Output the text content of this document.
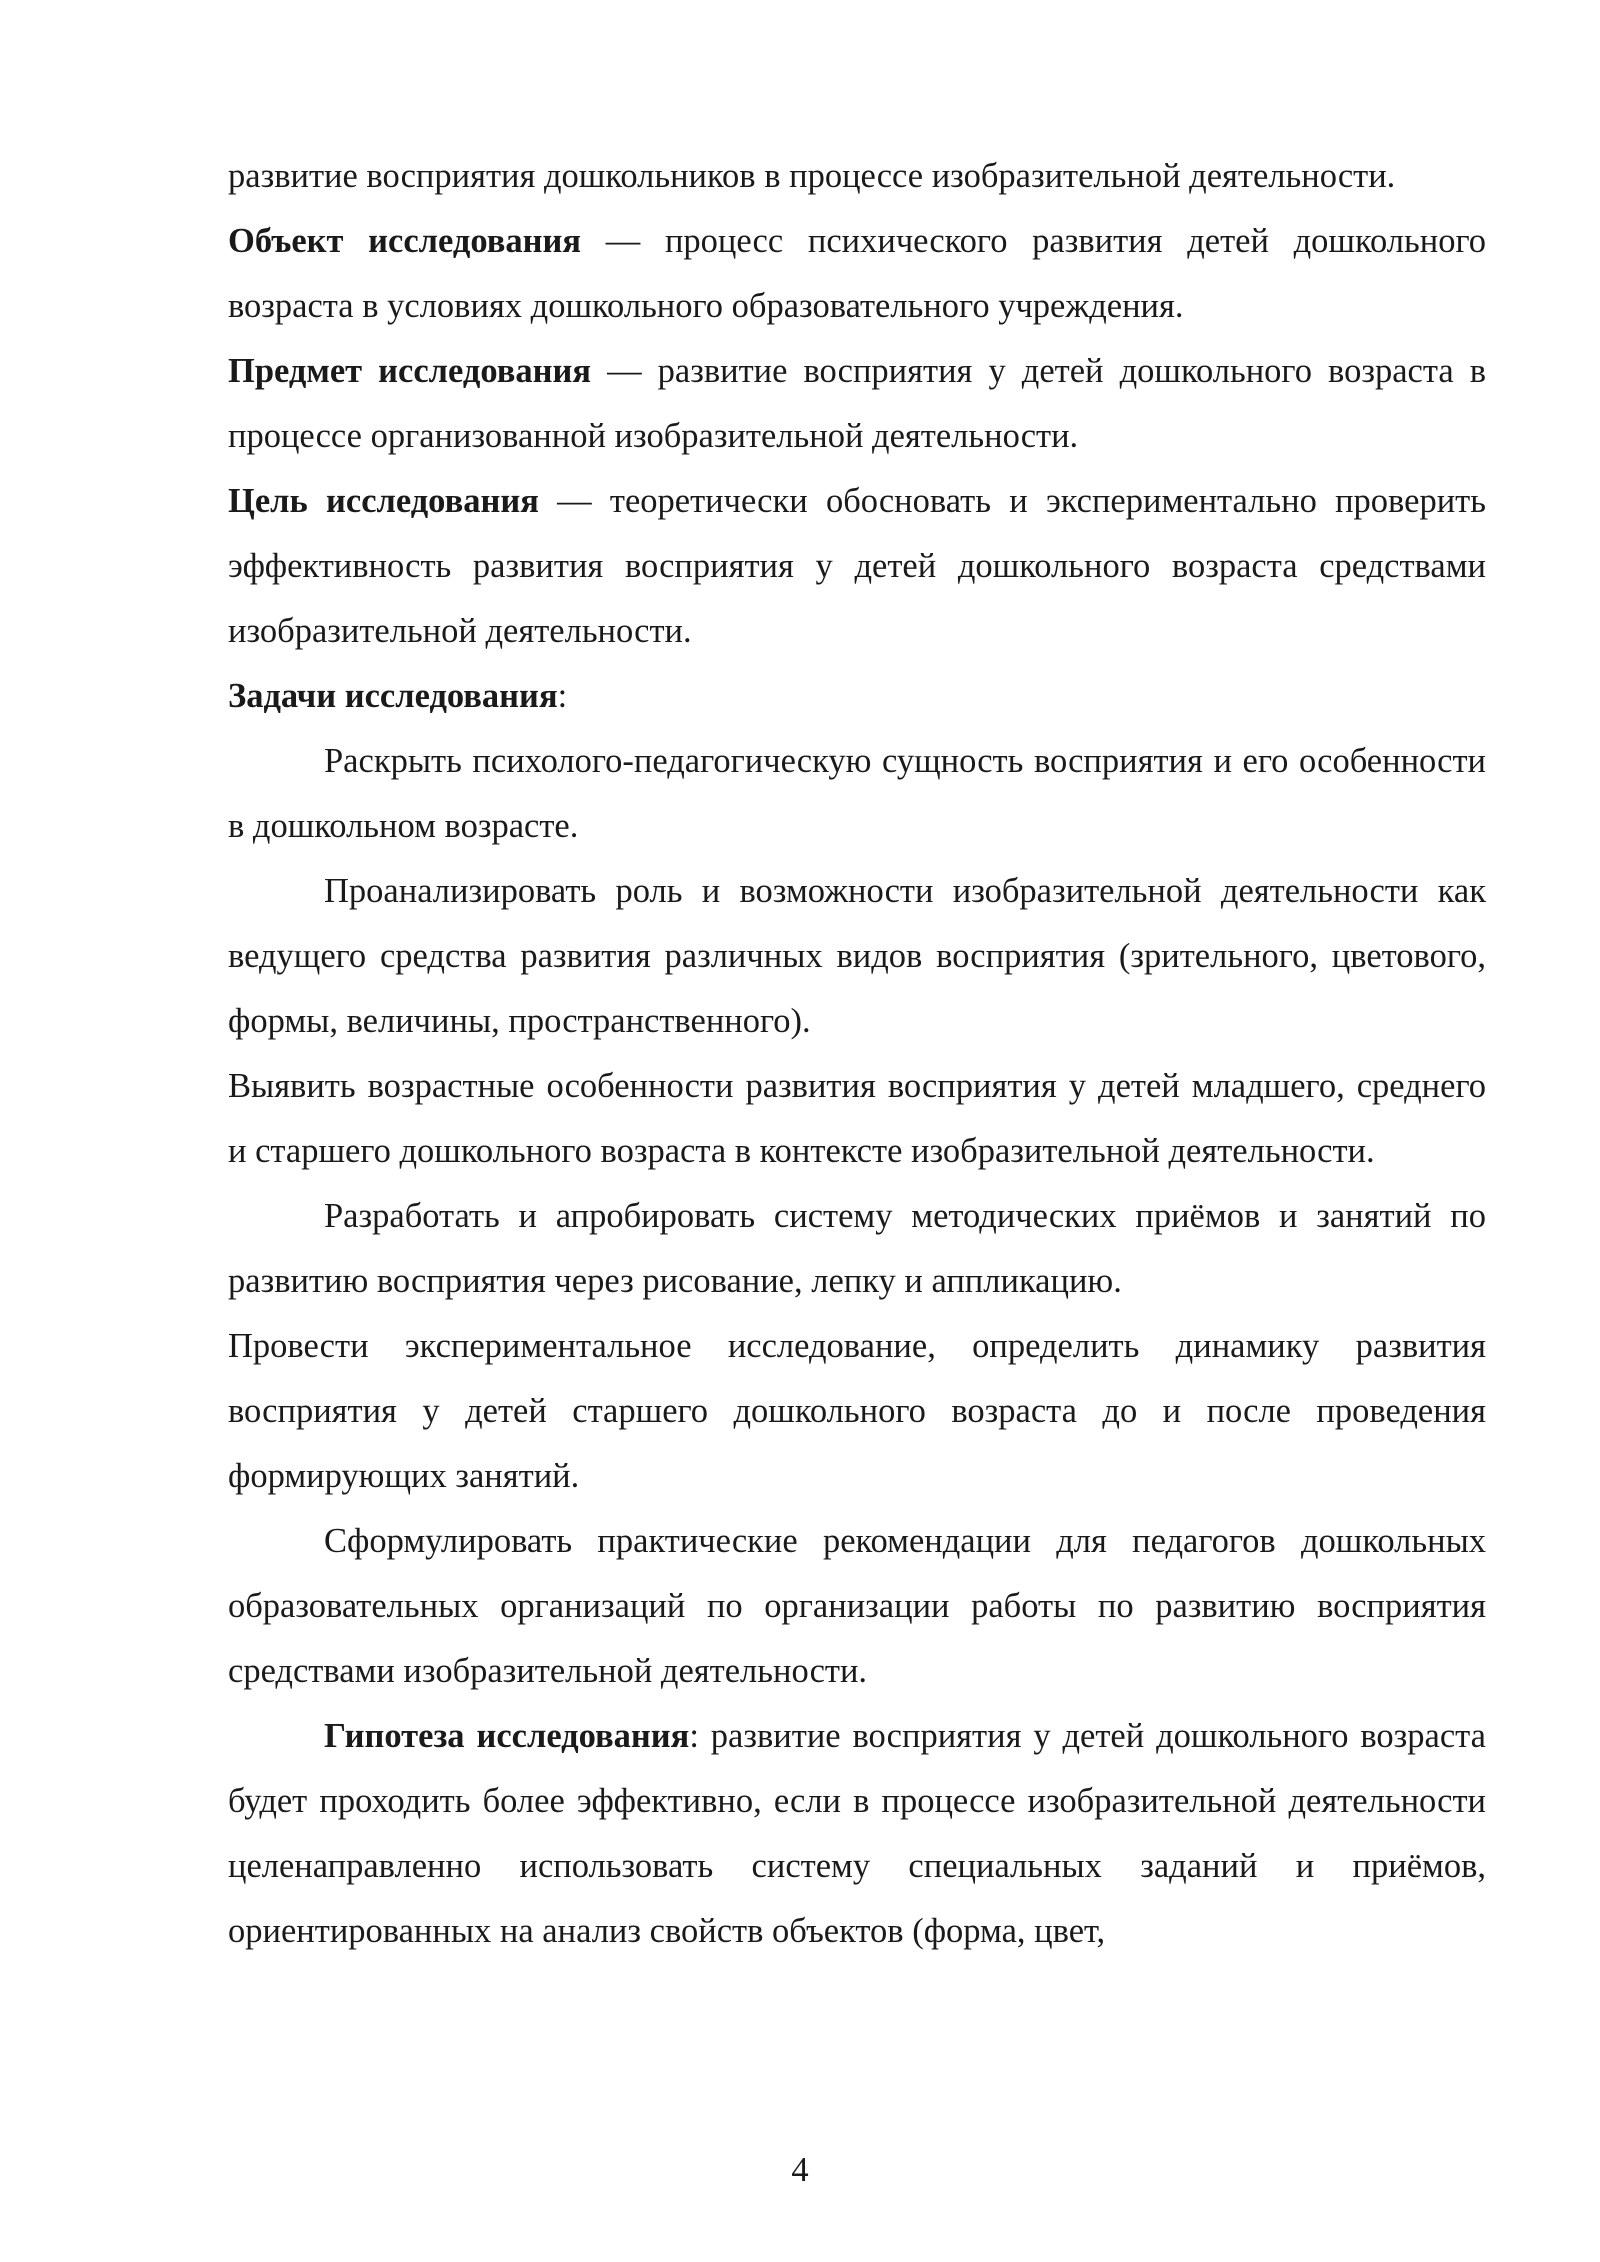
развитие восприятия дошкольников в процессе изобразительной деятельности.

Объект исследования — процесс психического развития детей дошкольного возраста в условиях дошкольного образовательного учреждения.

Предмет исследования — развитие восприятия у детей дошкольного возраста в процессе организованной изобразительной деятельности.

Цель исследования — теоретически обосновать и экспериментально проверить эффективность развития восприятия у детей дошкольного возраста средствами изобразительной деятельности.

Задачи исследования:

Раскрыть психолого-педагогическую сущность восприятия и его особенности в дошкольном возрасте.

Проанализировать роль и возможности изобразительной деятельности как ведущего средства развития различных видов восприятия (зрительного, цветового, формы, величины, пространственного).

Выявить возрастные особенности развития восприятия у детей младшего, среднего и старшего дошкольного возраста в контексте изобразительной деятельности.

Разработать и апробировать систему методических приёмов и занятий по развитию восприятия через рисование, лепку и аппликацию.

Провести экспериментальное исследование, определить динамику развития восприятия у детей старшего дошкольного возраста до и после проведения формирующих занятий.

Сформулировать практические рекомендации для педагогов дошкольных образовательных организаций по организации работы по развитию восприятия средствами изобразительной деятельности.

Гипотеза исследования: развитие восприятия у детей дошкольного возраста будет проходить более эффективно, если в процессе изобразительной деятельности целенаправленно использовать систему специальных заданий и приёмов, ориентированных на анализ свойств объектов (форма, цвет,

4
